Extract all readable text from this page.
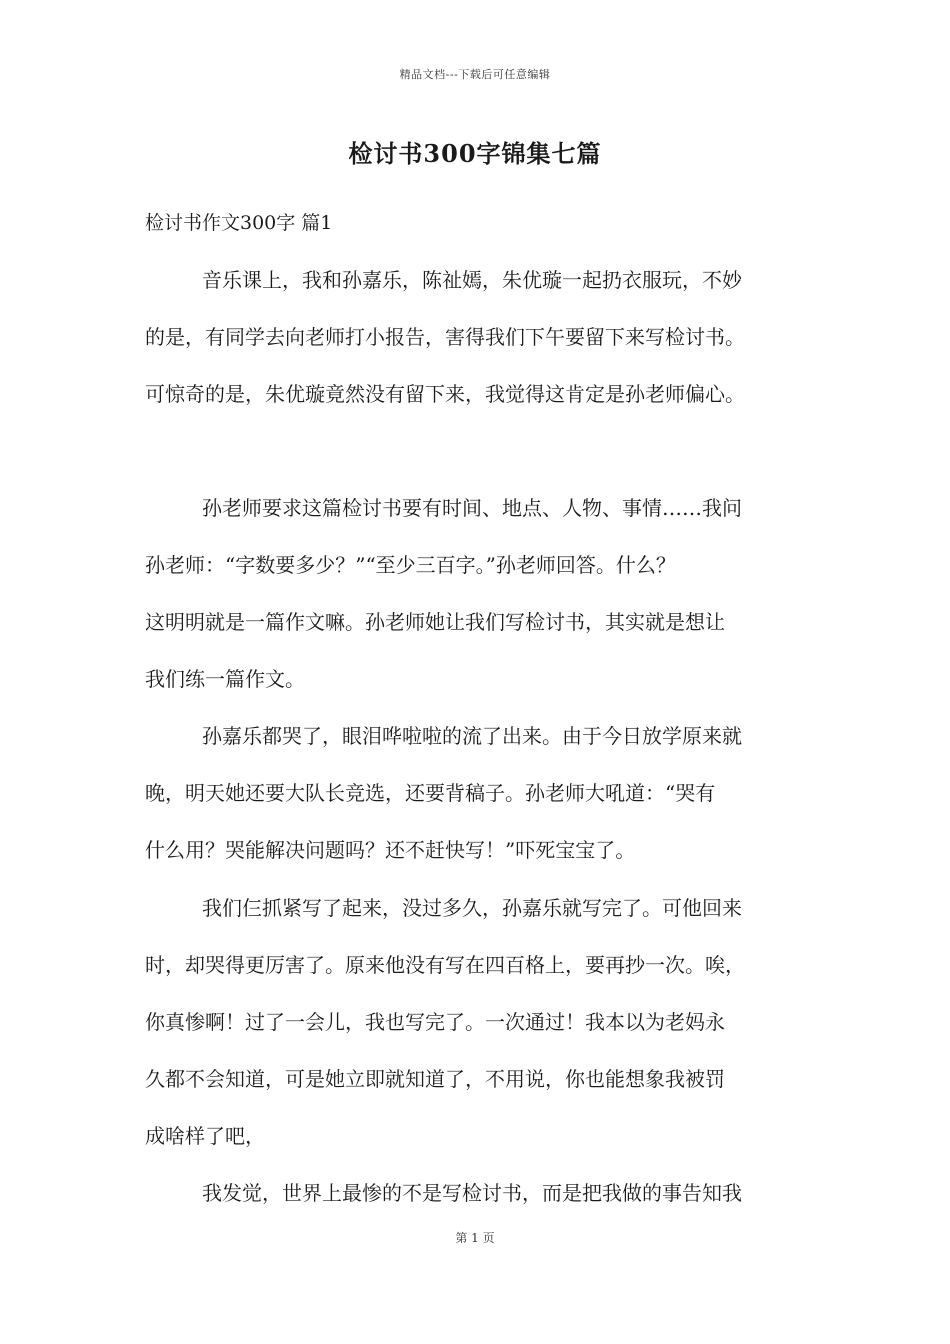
精品文档---下载后可任意编辑
检讨书300字锦集七篇
检讨书作文300字 篇1
音乐课上，我和孙嘉乐，陈祉嫣，朱优璇一起扔衣服玩，不妙
的是，有同学去向老师打小报告，害得我们下午要留下来写检讨书。
可惊奇的是，朱优璇竟然没有留下来，我觉得这肯定是孙老师偏心。
孙老师要求这篇检讨书要有时间、地点、人物、事情……我问
孙老师：“字数要多少？”“至少三百字。”孙老师回答。什么？
这明明就是一篇作文嘛。孙老师她让我们写检讨书，其实就是想让
我们练一篇作文。
孙嘉乐都哭了，眼泪哗啦啦的流了出来。由于今日放学原来就
晚，明天她还要大队长竞选，还要背稿子。孙老师大吼道：“哭有
什么用？哭能解决问题吗？还不赶快写！”吓死宝宝了。
我们仨抓紧写了起来，没过多久，孙嘉乐就写完了。可他回来
时，却哭得更厉害了。原来他没有写在四百格上，要再抄一次。唉，
你真惨啊！过了一会儿，我也写完了。一次通过！我本以为老妈永
久都不会知道，可是她立即就知道了，不用说，你也能想象我被罚
成啥样了吧，
我发觉，世界上最惨的不是写检讨书，而是把我做的事告知我
第 1 页
